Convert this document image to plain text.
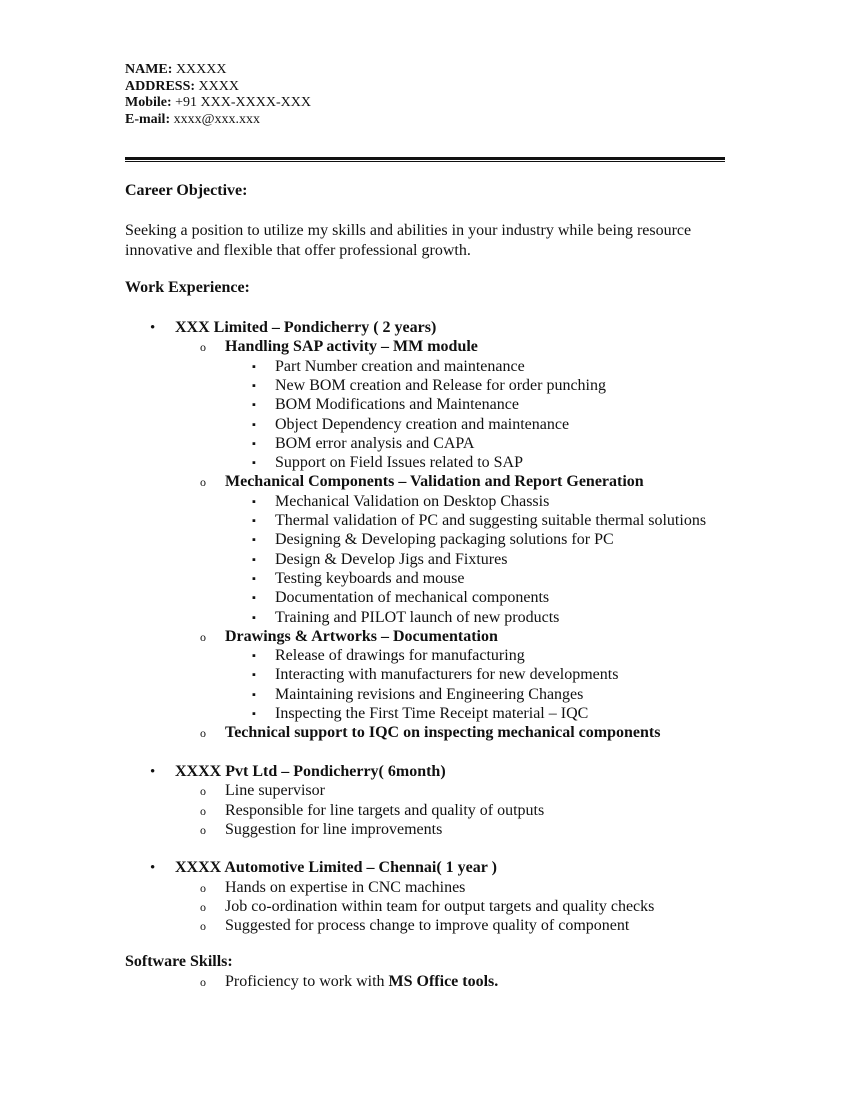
NAME: XXXXX
ADDRESS: XXXX
Mobile: +91 XXX-XXXX-XXX
E-mail: xxxx@xxx.xxx
Career Objective:
Seeking a position to utilize my skills and abilities in your industry while being resource innovative and flexible that offer professional growth.
Work Experience:
• XXX Limited – Pondicherry ( 2 years)
o Handling SAP activity – MM module
▪ Part Number creation and maintenance
▪ New BOM creation and Release for order punching
▪ BOM Modifications and Maintenance
▪ Object Dependency creation and maintenance
▪ BOM error analysis and CAPA
▪ Support on Field Issues related to SAP
o Mechanical Components – Validation and Report Generation
▪ Mechanical Validation on Desktop Chassis
▪ Thermal validation of PC and suggesting suitable thermal solutions
▪ Designing & Developing packaging solutions for PC
▪ Design & Develop Jigs and Fixtures
▪ Testing keyboards and mouse
▪ Documentation of mechanical components
▪ Training and PILOT launch of new products
o Drawings & Artworks – Documentation
▪ Release of drawings for manufacturing
▪ Interacting with manufacturers for new developments
▪ Maintaining revisions and Engineering Changes
▪ Inspecting the First Time Receipt material – IQC
o Technical support to IQC on inspecting mechanical components
• XXXX Pvt Ltd – Pondicherry( 6month)
o Line supervisor
o Responsible for line targets and quality of outputs
o Suggestion for line improvements
• XXXX Automotive Limited – Chennai( 1 year )
o Hands on expertise in CNC machines
o Job co-ordination within team for output targets and quality checks
o Suggested for process change to improve quality of component
Software Skills:
o Proficiency to work with MS Office tools.
